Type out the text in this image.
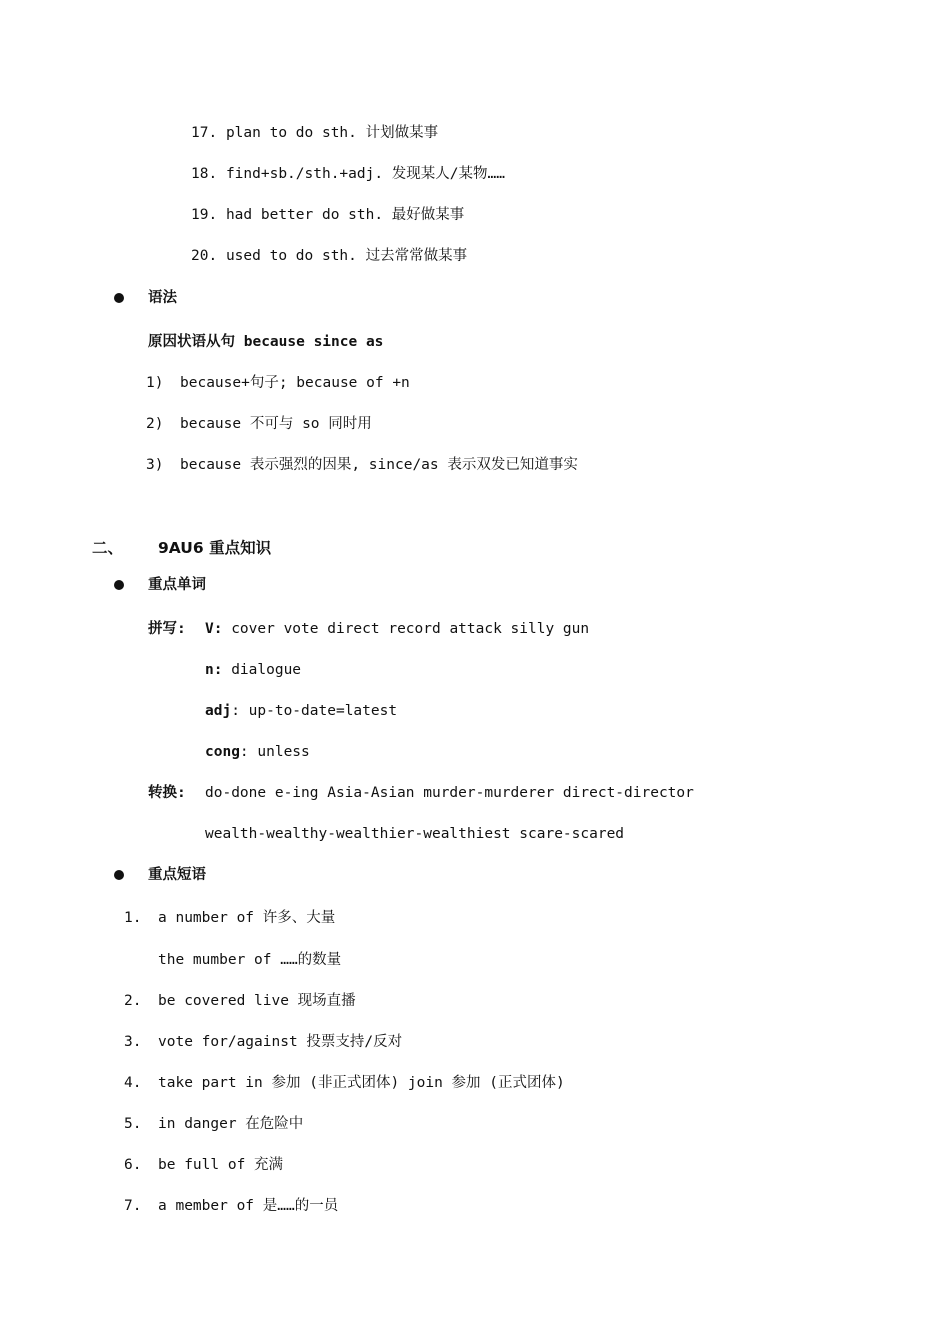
17. plan to do sth. 计划做某事
18. find+sb./sth.+adj. 发现某人/某物……
19. had better do sth. 最好做某事
20. used to do sth. 过去常常做某事
语法
原因状语从句 because since as
1) because+句子; because of +n
2) because 不可与 so 同时用
3) because 表示强烈的因果, since/as 表示双发已知道事实
二、 9AU6 重点知识
重点单词
拼写: V: cover vote direct record attack silly gun
n: dialogue
adj: up-to-date=latest
cong: unless
转换: do-done e-ing Asia-Asian murder-murderer direct-director
wealth-wealthy-wealthier-wealthiest scare-scared
重点短语
1. a number of 许多、大量
the mumber of ……的数量
2. be covered live 现场直播
3. vote for/against 投票支持/反对
4. take part in 参加 (非正式团体) join 参加 (正式团体)
5. in danger 在危险中
6. be full of 充满
7. a member of 是……的一员
